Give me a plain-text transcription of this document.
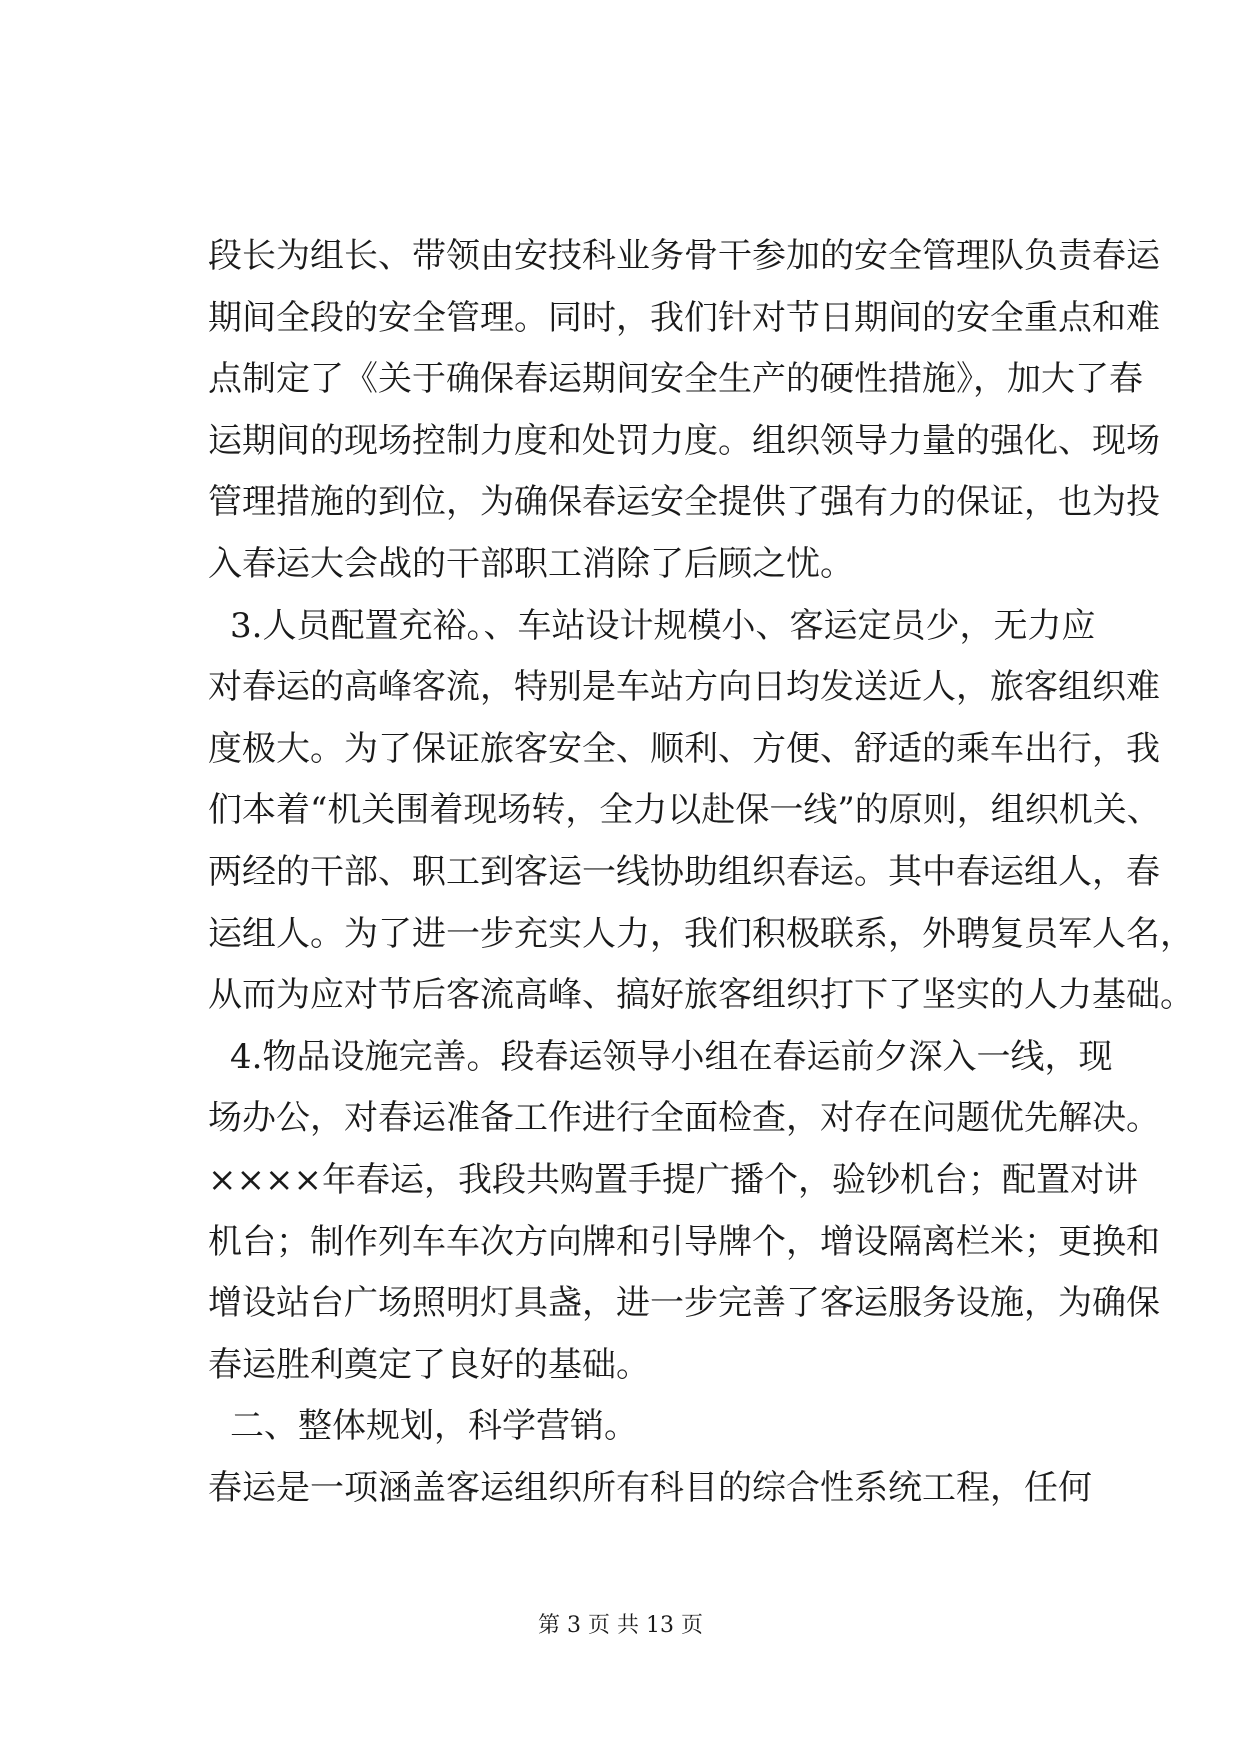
段长为组长、带领由安技科业务骨干参加的安全管理队负责春运
期间全段的安全管理。同时，我们针对节日期间的安全重点和难
点制定了《关于确保春运期间安全生产的硬性措施》，加大了春
运期间的现场控制力度和处罚力度。组织领导力量的强化、现场
管理措施的到位，为确保春运安全提供了强有力的保证，也为投
入春运大会战的干部职工消除了后顾之忧。
3.人员配置充裕。、车站设计规模小、客运定员少，无力应
对春运的高峰客流，特别是车站方向日均发送近人，旅客组织难
度极大。为了保证旅客安全、顺利、方便、舒适的乘车出行，我
们本着“机关围着现场转，全力以赴保一线”的原则，组织机关、
两经的干部、职工到客运一线协助组织春运。其中春运组人，春
运组人。为了进一步充实人力，我们积极联系，外聘复员军人名，
从而为应对节后客流高峰、搞好旅客组织打下了坚实的人力基础。
4.物品设施完善。段春运领导小组在春运前夕深入一线，现
场办公，对春运准备工作进行全面检查，对存在问题优先解决。
××××年春运，我段共购置手提广播个，验钞机台；配置对讲
机台；制作列车车次方向牌和引导牌个，增设隔离栏米；更换和
增设站台广场照明灯具盏，进一步完善了客运服务设施，为确保
春运胜利奠定了良好的基础。
二、整体规划，科学营销。
春运是一项涵盖客运组织所有科目的综合性系统工程，任何
第 3 页 共 13 页
